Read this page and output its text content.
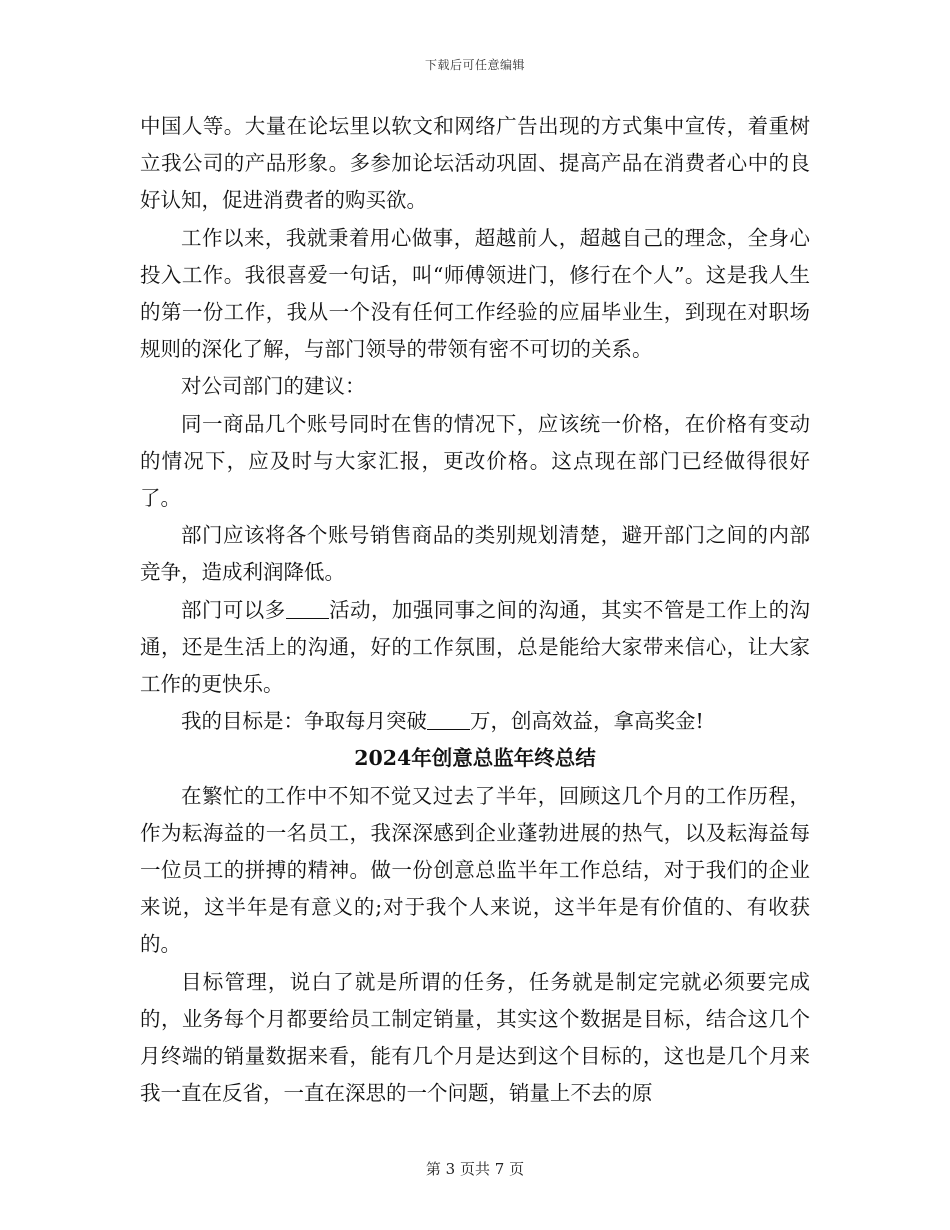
下载后可任意编辑

中国人等。大量在论坛里以软文和网络广告出现的方式集中宣传，着重树立我公司的产品形象。多参加论坛活动巩固、提高产品在消费者心中的良好认知，促进消费者的购买欲。

工作以来，我就秉着用心做事，超越前人，超越自己的理念，全身心投入工作。我很喜爱一句话，叫“师傅领进门，修行在个人”。这是我人生的第一份工作，我从一个没有任何工作经验的应届毕业生，到现在对职场规则的深化了解，与部门领导的带领有密不可切的关系。

对公司部门的建议：

同一商品几个账号同时在售的情况下，应该统一价格，在价格有变动的情况下，应及时与大家汇报，更改价格。这点现在部门已经做得很好了。

部门应该将各个账号销售商品的类别规划清楚，避开部门之间的内部竞争，造成利润降低。

部门可以多 活动，加强同事之间的沟通，其实不管是工作上的沟通，还是生活上的沟通，好的工作氛围，总是能给大家带来信心，让大家工作的更快乐。

我的目标是：争取每月突破 万，创高效益，拿高奖金!

2024年创意总监年终总结

在繁忙的工作中不知不觉又过去了半年，回顾这几个月的工作历程，作为耘海益的一名员工，我深深感到企业蓬勃进展的热气，以及耘海益每一位员工的拼搏的精神。做一份创意总监半年工作总结，对于我们的企业来说，这半年是有意义的;对于我个人来说，这半年是有价值的、有收获的。

目标管理，说白了就是所谓的任务，任务就是制定完就必须要完成的，业务每个月都要给员工制定销量，其实这个数据是目标，结合这几个月终端的销量数据来看，能有几个月是达到这个目标的，这也是几个月来我一直在反省，一直在深思的一个问题，销量上不去的原

第 3 页共 7 页
